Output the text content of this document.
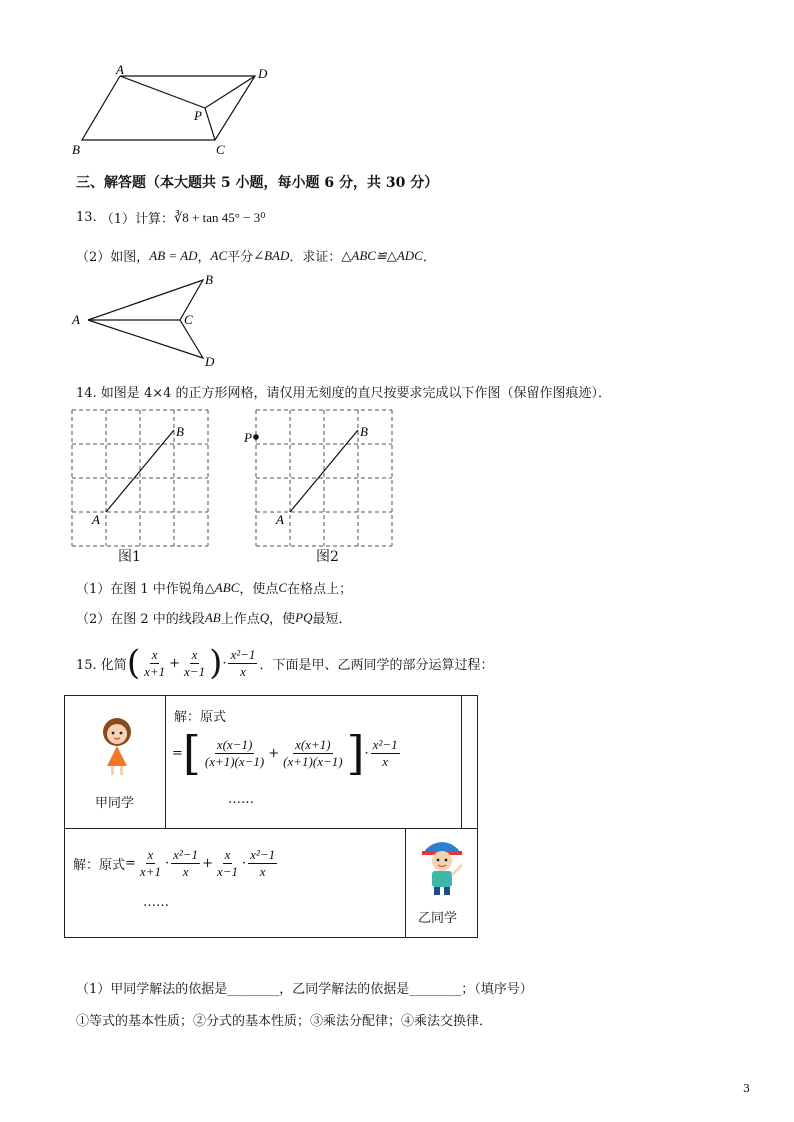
A	D
P
B	C
三、解答题（本大题共 5 小题，每小题 6 分，共 30 分）
13. （1）计算： ∛8 + tan 45° − 3⁰
（2）如图， AB = AD ， AC 平分 ∠BAD ．求证： △ABC≌△ADC ．
A
B
C
D
14. 如图是 4×4 的正方形网格，请仅用无刻度的直尺按要求完成以下作图（保留作图痕迹）．
A
B
图1
P
A
B
图2
（1）在图 1 中作锐角 △ABC ，使点 C 在格点上；
（2）在图 2 中的线段 AB 上作点 Q ，使 PQ 最短．
15. 化简 ( $\frac{x}{x+1} + \frac{x}{x-1}$ ) · $\frac{\text{x²−1}}{x}$ ．下面是甲、乙两同学的部分运算过程：
甲同学
解：原式
= [ $\frac{x(x-1)}{(x+1)(x-1)} + \frac{x(x+1)}{(x+1)(x-1)}$ ] · $\frac{\text{x²−1}}{x}$
……
解：原式 = $\frac{x}{x+1} \cdot \frac{\text{x²−1}}{x} + \frac{x}{x-1} \cdot \frac{\text{x²−1}}{x}$
……
乙同学
（1）甲同学解法的依据是________，乙同学解法的依据是________；（填序号）
①等式的基本性质；②分式的基本性质；③乘法分配律；④乘法交换律．
3
